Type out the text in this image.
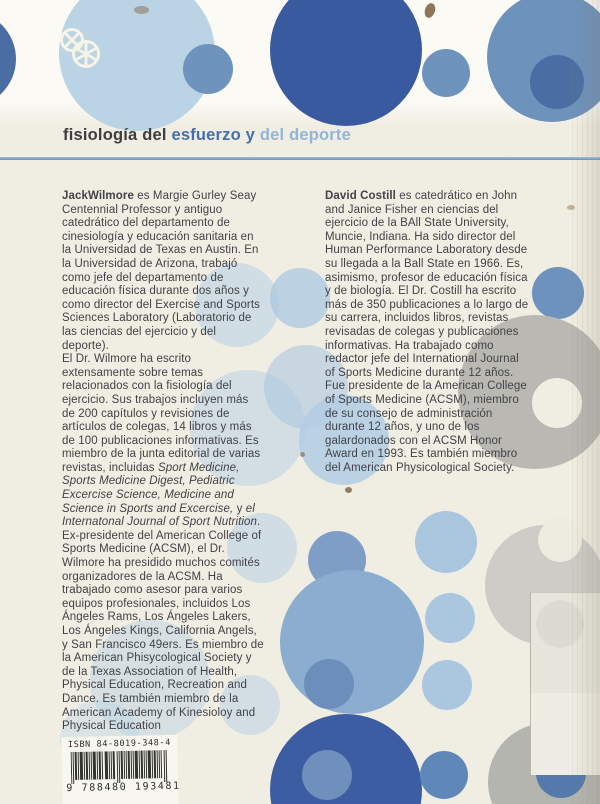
fisiología del esfuerzo y del deporte

JackWilmore es Margie Gurley Seay Centennial Professor y antiguo catedrático del departamento de cinesiología y educación sanitaria en la Universidad de Texas en Austin. En la Universidad de Arizona, trabajó como jefe del departamento de educación física durante dos años y como director del Exercise and Sports Sciences Laboratory (Laboratorio de las ciencias del ejercicio y del deporte).

El Dr. Wilmore ha escrito extensamente sobre temas relacionados con la fisiología del ejercicio. Sus trabajos incluyen más de 200 capítulos y revisiones de artículos de colegas, 14 libros y más de 100 publicaciones informativas. Es miembro de la junta editorial de varias revistas, incluidas Sport Medicine, Sports Medicine Digest, Pediatric Excercise Science, Medicine and Science in Sports and Excercise, y el Internatonal Journal of Sport Nutrition.

Ex-presidente del American College of Sports Medicine (ACSM), el Dr. Wilmore ha presidido muchos comités organizadores de la ACSM. Ha trabajado como asesor para varios equipos profesionales, incluidos Los Ángeles Rams, Los Ángeles Lakers, Los Ángeles Kings, California Angels, y San Francisco 49ers. Es miembro de la American Phisycological Society y de la Texas Association of Health, Physical Education, Recreation and Dance. Es también miembro de la American Academy of Kinesioloy and Physical Education

David Costill es catedrático en John and Janice Fisher en ciencias del ejercicio de la BAll State University, Muncie, Indiana. Ha sido director del Human Performance Laboratory desde su llegada a la Ball State en 1966. Es, asimismo, profesor de educación física y de biología. El Dr. Costill ha escrito más de 350 publicaciones a lo largo de su carrera, incluidos libros, revistas revisadas de colegas y publicaciones informativas. Ha trabajado como redactor jefe del International Journal of Sports Medicine durante 12 años. Fue presidente de la American College of Sports Medicine (ACSM), miembro de su consejo de administración durante 12 años, y uno de los galardonados con el ACSM Honor Award en 1993. Es también miembro del American Physicological Society.

ISBN 84-8019-348-4
9 788480 193481
